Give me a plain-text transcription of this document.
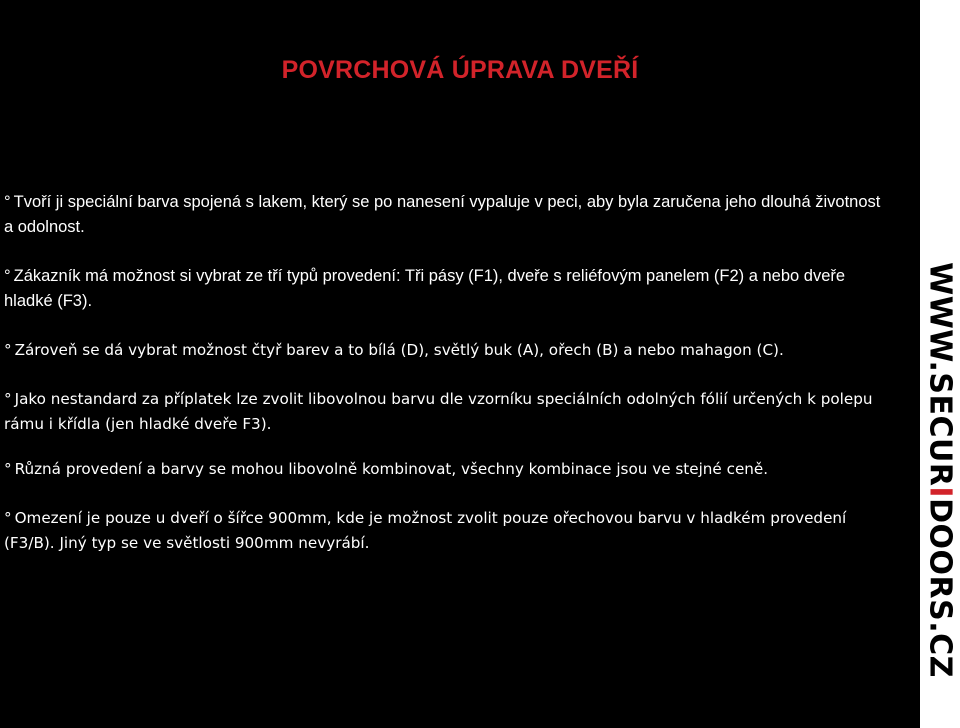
POVRCHOVÁ ÚPRAVA DVEŘÍ
° Tvoří ji speciální barva spojená s lakem, který se po nanesení vypaluje v peci, aby byla zaručena jeho dlouhá životnost a odolnost.
° Zákazník má možnost si vybrat ze tří typů provedení: Tři pásy (F1), dveře s reliéfovým panelem (F2) a nebo dveře hladké (F3).
° Zároveň se dá vybrat možnost čtyř barev a to bílá (D), světlý buk (A), ořech (B) a nebo mahagon (C).
° Jako nestandard za příplatek lze zvolit libovolnou barvu dle vzorníku speciálních odolných fólií určených k polepu rámu i křídla (jen hladké dveře F3).
° Různá provedení a barvy se mohou libovolně kombinovat, všechny kombinace jsou ve stejné ceně.
° Omezení je pouze u dveří o šířce 900mm, kde je možnost zvolit pouze ořechovou barvu v hladkém provedení (F3/B). Jiný typ se ve světlosti 900mm nevyrábí.
WWW.SECURIDOORS.CZ
